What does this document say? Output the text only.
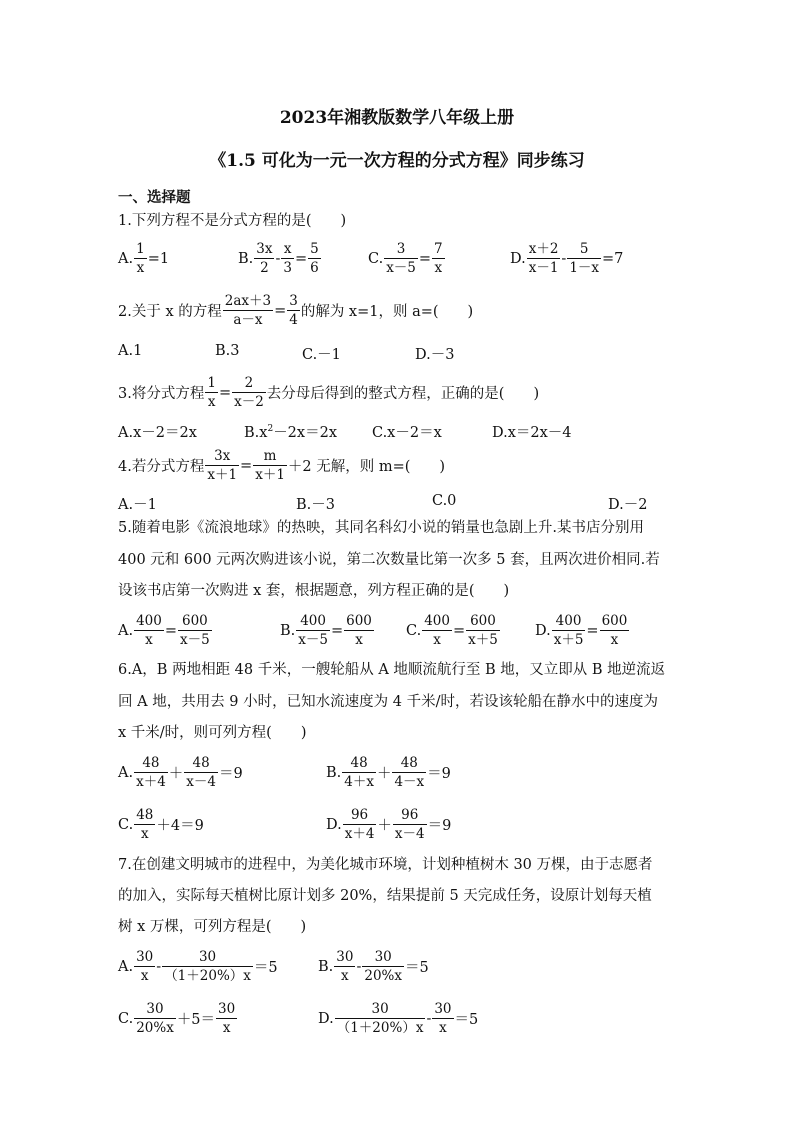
2023年湘教版数学八年级上册
《1.5 可化为一元一次方程的分式方程》同步练习
一、选择题
1.下列方程不是分式方程的是(　　)
A. $\frac{1}{x} =1$	B. $\frac{3x}{2} - \frac{x}{3} = \frac{5}{6}$	C. $\frac{3}{x-5} = \frac{7}{x}$	D. $\frac{x+2}{x-1} - \frac{5}{1-x} =7$
2.关于 x 的方程 $\frac{2ax+3}{a-x} = \frac{3}{4}$ 的解为 x=1，则 a=(　　)
A.1	B.3	C.－1	D.－3
3.将分式方程 $\frac{1}{x} = \frac{2}{x-2}$ 去分母后得到的整式方程，正确的是(　　)
A.x－2＝2x	$B.x^2-2x=2x$ C.x－2＝x	D.x＝2x－4
4.若分式方程 $\frac{3x}{x+1} = \frac{m}{x+1} +2$ 无解，则 m=(　　)
A.－1	B.－3	C.0	D.－2
5.随着电影《流浪地球》的热映，其同名科幻小说的销量也急剧上升.某书店分别用
400 元和 600 元两次购进该小说，第二次数量比第一次多 5 套，且两次进价相同.若
设该书店第一次购进 x 套，根据题意，列方程正确的是(　　)
A. $\frac{400}{x} = \frac{600}{x-5}$	B. $\frac{400}{x-5} = \frac{600}{x} C$. $\frac{400}{x} = \frac{600}{x+5} D$. $\frac{400}{x+5} = \frac{600}{x}$
6.A，B 两地相距 48 千米，一艘轮船从 A 地顺流航行至 B 地，又立即从 B 地逆流返
回 A 地，共用去 9 小时，已知水流速度为 4 千米/时，若设该轮船在静水中的速度为
x 千米/时，则可列方程(　　)
A. $\frac{48}{x+4} + \frac{48}{x-4} =9$	B. $\frac{48}{4+x} + \frac{48}{4-x} =9$
C. $\frac{48}{x} +4=9$	D. $\frac{96}{x+4} + \frac{96}{x-4} =9$
7.在创建文明城市的进程中，为美化城市环境，计划种植树木 30 万棵，由于志愿者
的加入，实际每天植树比原计划多 20%，结果提前 5 天完成任务，设原计划每天植
树 x 万棵，可列方程是(　　)
A. $\frac{30}{x} - \frac{30}{(1+20\%)x} =5$	B. $\frac{30}{x} - \frac{30}{20\%x} =5$
C. $\frac{30}{20\%x} +5= \frac{30}{x}$	D. $\frac{30}{(1+20\%)x} - \frac{30}{x} =5$
